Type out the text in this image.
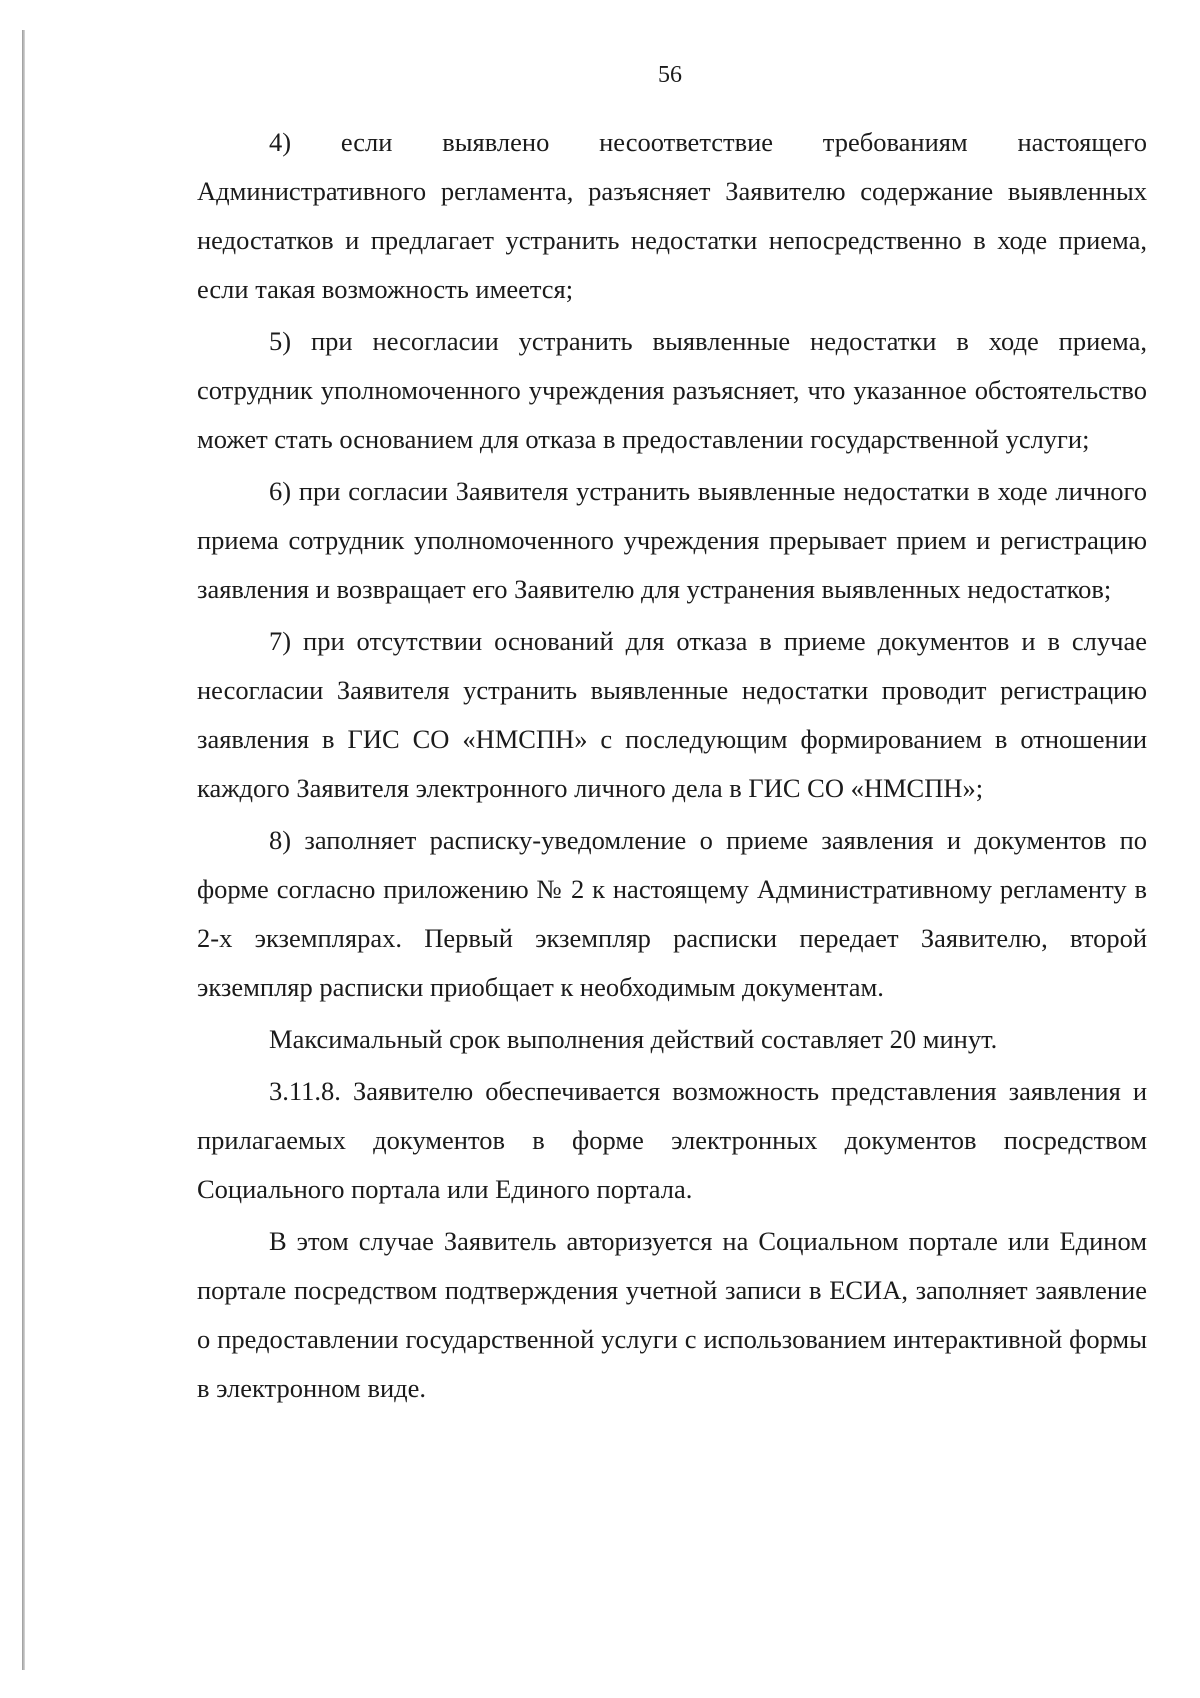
56

4) если выявлено несоответствие требованиям настоящего Административного регламента, разъясняет Заявителю содержание выявленных недостатков и предлагает устранить недостатки непосредственно в ходе приема, если такая возможность имеется;

5) при несогласии устранить выявленные недостатки в ходе приема, сотрудник уполномоченного учреждения разъясняет, что указанное обстоятельство может стать основанием для отказа в предоставлении государственной услуги;

6) при согласии Заявителя устранить выявленные недостатки в ходе личного приема сотрудник уполномоченного учреждения прерывает прием и регистрацию заявления и возвращает его Заявителю для устранения выявленных недостатков;

7) при отсутствии оснований для отказа в приеме документов и в случае несогласии Заявителя устранить выявленные недостатки проводит регистрацию заявления в ГИС СО «НМСПН» с последующим формированием в отношении каждого Заявителя электронного личного дела в ГИС СО «НМСПН»;

8) заполняет расписку-уведомление о приеме заявления и документов по форме согласно приложению № 2 к настоящему Административному регламенту в 2-х экземплярах. Первый экземпляр расписки передает Заявителю, второй экземпляр расписки приобщает к необходимым документам.

Максимальный срок выполнения действий составляет 20 минут.

3.11.8. Заявителю обеспечивается возможность представления заявления и прилагаемых документов в форме электронных документов посредством Социального портала или Единого портала.

В этом случае Заявитель авторизуется на Социальном портале или Едином портале посредством подтверждения учетной записи в ЕСИА, заполняет заявление о предоставлении государственной услуги с использованием интерактивной формы в электронном виде.
